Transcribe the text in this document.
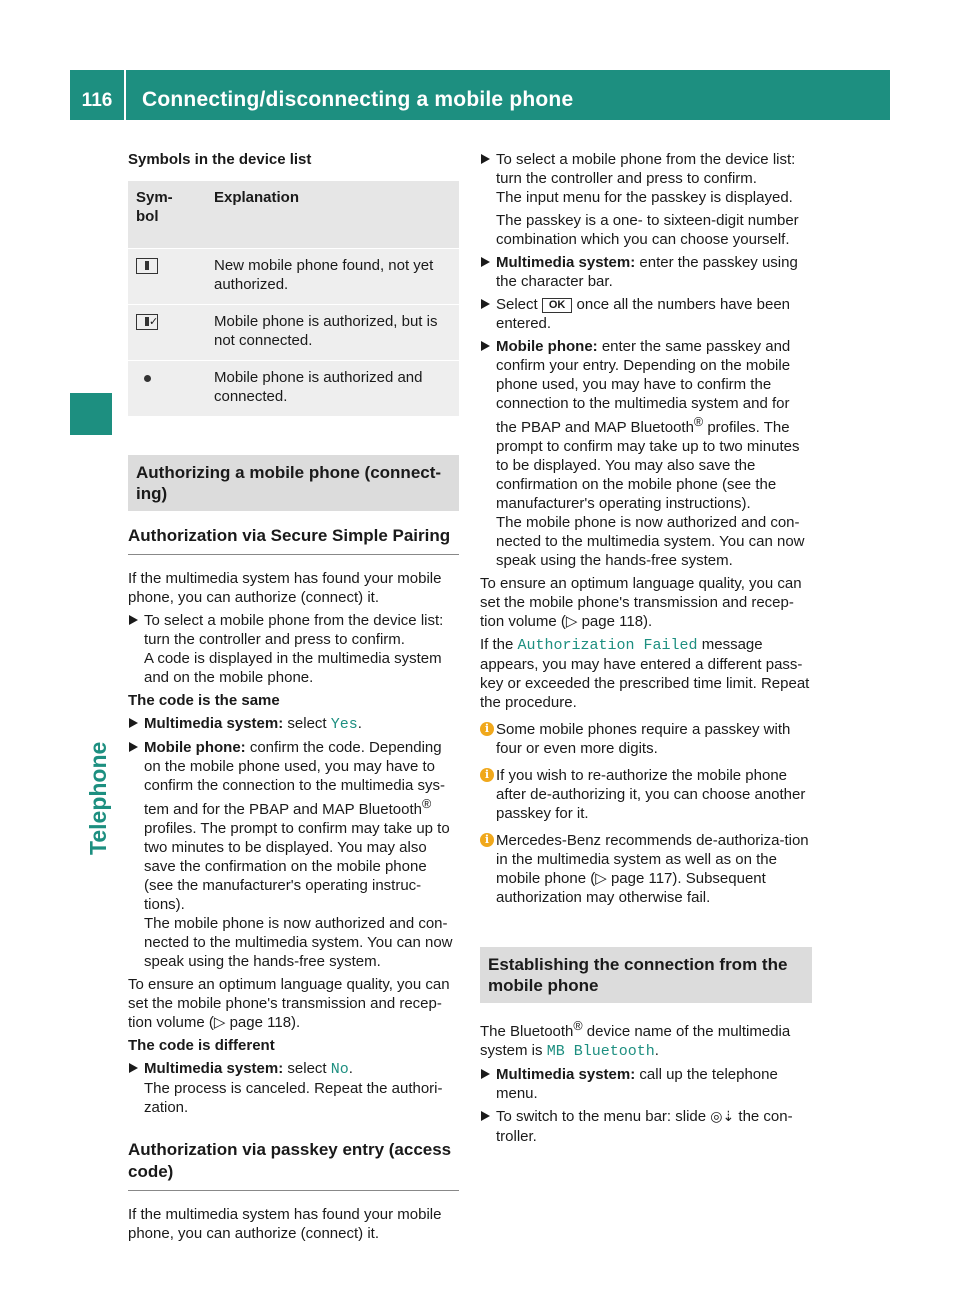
116	Connecting/disconnecting a mobile phone
Telephone

Symbols in the device list

Sym-
bol	Explanation
	New mobile phone found, not yet authorized.
✓	Mobile phone is authorized, but is not connected.
	Mobile phone is authorized and connected.
Authorizing a mobile phone (connect-ing)
Authorization via Secure Simple Pairing

If the multimedia system has found your mobile phone, you can authorize (connect) it.

To select a mobile phone from the device list: turn the controller and press to confirm.
A code is displayed in the multimedia system and on the mobile phone.

The code is the same

Multimedia system: select Yes.
Mobile phone: confirm the code. Depending on the mobile phone used, you may have to confirm the connection to the multimedia sys-tem and for the PBAP and MAP Bluetooth® profiles. The prompt to confirm may take up to two minutes to be displayed. You may also save the confirmation on the mobile phone (see the manufacturer's operating instruc-tions).
The mobile phone is now authorized and con-nected to the multimedia system. You can now speak using the hands-free system.

To ensure an optimum language quality, you can set the mobile phone's transmission and recep-tion volume (▷ page 118).

The code is different

Multimedia system: select No.
The process is canceled. Repeat the authori-zation.
Authorization via passkey entry (access code)

If the multimedia system has found your mobile phone, you can authorize (connect) it.

To select a mobile phone from the device list: turn the controller and press to confirm.
The input menu for the passkey is displayed.
The passkey is a one- to sixteen-digit number combination which you can choose yourself.
Multimedia system: enter the passkey using the character bar.
Select OK once all the numbers have been entered.
Mobile phone: enter the same passkey and confirm your entry. Depending on the mobile phone used, you may have to confirm the connection to the multimedia system and for the PBAP and MAP Bluetooth® profiles. The prompt to confirm may take up to two minutes to be displayed. You may also save the confirmation on the mobile phone (see the manufacturer's operating instructions).
The mobile phone is now authorized and con-nected to the multimedia system. You can now speak using the hands-free system.

To ensure an optimum language quality, you can set the mobile phone's transmission and recep-tion volume (▷ page 118).

If the Authorization Failed message appears, you may have entered a different pass-key or exceeded the prescribed time limit. Repeat the procedure.

i Some mobile phones require a passkey with four or even more digits.
i If you wish to re-authorize the mobile phone after de-authorizing it, you can choose another passkey for it.
i Mercedes-Benz recommends de-authoriza-tion in the multimedia system as well as on the mobile phone (▷ page 117). Subsequent authorization may otherwise fail.
Establishing the connection from the mobile phone

The Bluetooth® device name of the multimedia system is MB Bluetooth.

Multimedia system: call up the telephone menu.
To switch to the menu bar: slide ◎⇣ the con-troller.
